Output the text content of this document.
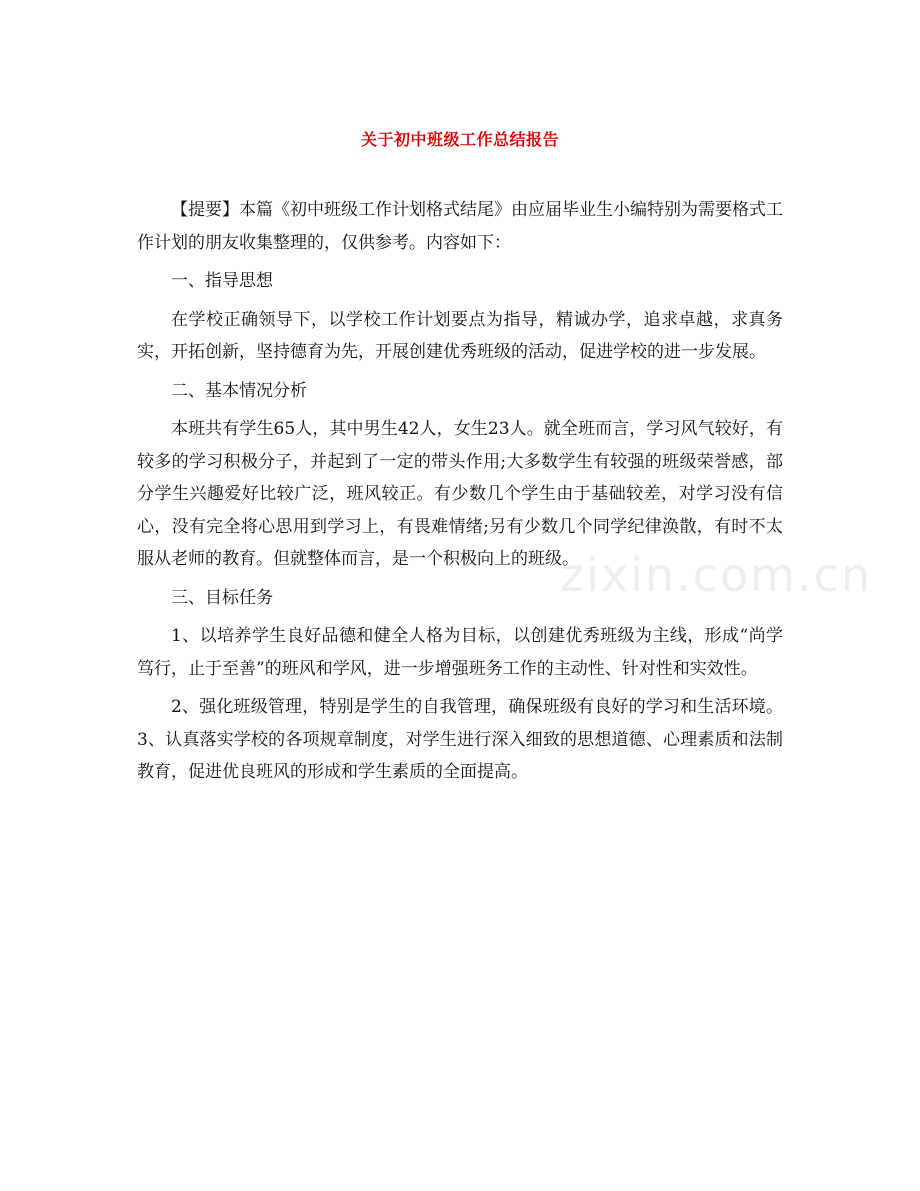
zixin.com.cn
关于初中班级工作总结报告

【提要】本篇《初中班级工作计划格式结尾》由应届毕业生小编特别为需要格式工作计划的朋友收集整理的，仅供参考。内容如下：

一、指导思想

在学校正确领导下，以学校工作计划要点为指导，精诚办学，追求卓越，求真务实，开拓创新，坚持德育为先，开展创建优秀班级的活动，促进学校的进一步发展。

二、基本情况分析

本班共有学生65人，其中男生42人，女生23人。就全班而言，学习风气较好，有较多的学习积极分子，并起到了一定的带头作用;大多数学生有较强的班级荣誉感，部分学生兴趣爱好比较广泛，班风较正。有少数几个学生由于基础较差，对学习没有信心，没有完全将心思用到学习上，有畏难情绪;另有少数几个同学纪律涣散，有时不太服从老师的教育。但就整体而言，是一个积极向上的班级。

三、目标任务

1、以培养学生良好品德和健全人格为目标，以创建优秀班级为主线，形成“尚学笃行，止于至善”的班风和学风，进一步增强班务工作的主动性、针对性和实效性。

2、强化班级管理，特别是学生的自我管理，确保班级有良好的学习和生活环境。3、认真落实学校的各项规章制度，对学生进行深入细致的思想道德、心理素质和法制教育，促进优良班风的形成和学生素质的全面提高。
